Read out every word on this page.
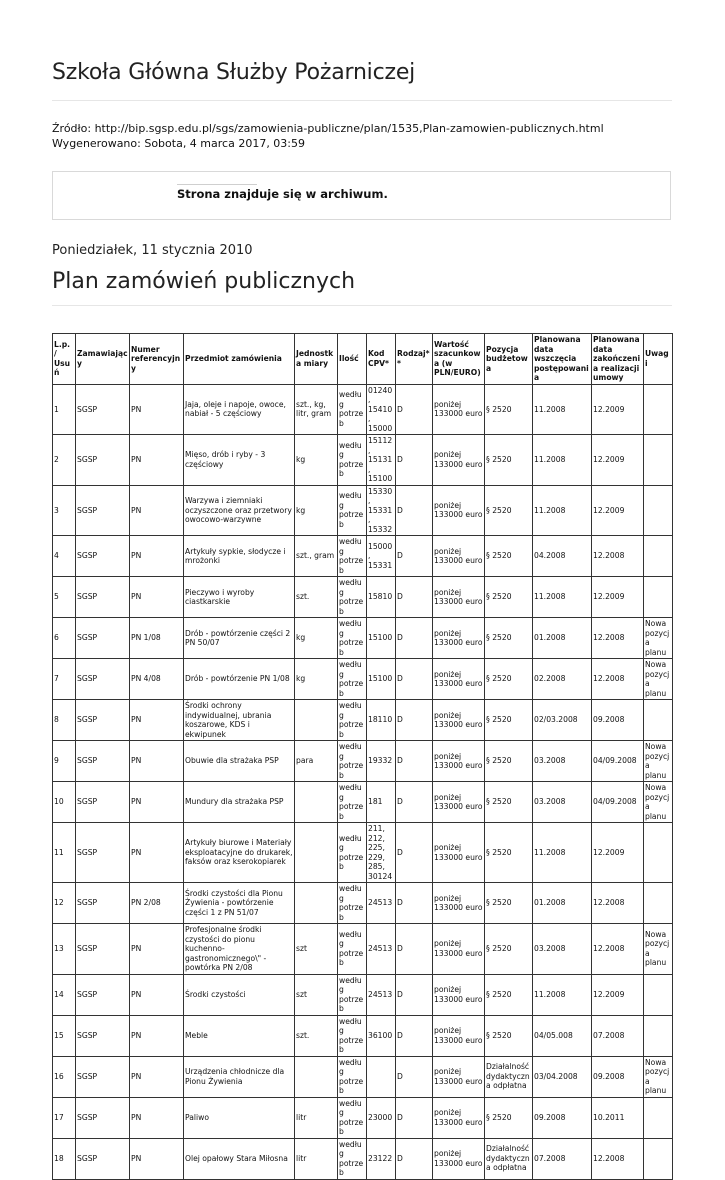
Szkoła Główna Służby Pożarniczej
Źródło: http://bip.sgsp.edu.pl/sgs/zamowienia-publiczne/plan/1535,Plan-zamowien-publicznych.html
Wygenerowano: Sobota, 4 marca 2017, 03:59
Strona znajduje się w archiwum.
Poniedziałek, 11 stycznia 2010
Plan zamówień publicznych
L.p. / Usuń	Zamawiający	Numer referencyjny	Przedmiot zamówienia	Jednostka miary	Ilość	Kod CPV*	Rodzaj**	Wartość szacunkowa (w PLN/EURO)	Pozycja budżetowa	Planowana data wszczęcia postępowania	Planowana data zakończenia realizacji umowy	Uwagi
1	SGSP	PN	Jaja, oleje i napoje, owoce, nabiał - 5 częściowy	szt., kg, litr, gram	według potrzeb	01240, 15410, 15000	D	poniżej 133000 euro	§ 2520	11.2008	12.2009	
2	SGSP	PN	Mięso, drób i ryby - 3 częściowy	kg	według potrzeb	15112, 15131, 15100	D	poniżej 133000 euro	§ 2520	11.2008	12.2009	
3	SGSP	PN	Warzywa i ziemniaki oczyszczone oraz przetwory owocowo-warzywne	kg	według potrzeb	15330, 15331, 15332	D	poniżej 133000 euro	§ 2520	11.2008	12.2009	
4	SGSP	PN	Artykuły sypkie, słodycze i mrożonki	szt., gram	według potrzeb	15000, 15331	D	poniżej 133000 euro	§ 2520	04.2008	12.2008	
5	SGSP	PN	Pieczywo i wyroby ciastkarskie	szt.	według potrzeb	15810	D	poniżej 133000 euro	§ 2520	11.2008	12.2009	
6	SGSP	PN 1/08	Drób - powtórzenie części 2 PN 50/07	kg	według potrzeb	15100	D	poniżej 133000 euro	§ 2520	01.2008	12.2008	Nowa pozycja planu
7	SGSP	PN 4/08	Drób - powtórzenie PN 1/08	kg	według potrzeb	15100	D	poniżej 133000 euro	§ 2520	02.2008	12.2008	Nowa pozycja planu
8	SGSP	PN	Środki ochrony indywidualnej, ubrania koszarowe, KDS i ekwipunek		według potrzeb	18110	D	poniżej 133000 euro	§ 2520	02/03.2008	09.2008	
9	SGSP	PN	Obuwie dla strażaka PSP	para	według potrzeb	19332	D	poniżej 133000 euro	§ 2520	03.2008	04/09.2008	Nowa pozycja planu
10	SGSP	PN	Mundury dla strażaka PSP		według potrzeb	181	D	poniżej 133000 euro	§ 2520	03.2008	04/09.2008	Nowa pozycja planu
11	SGSP	PN	Artykuły biurowe i Materiały eksploatacyjne do drukarek, faksów oraz kserokopiarek		według potrzeb	211, 212, 225, 229, 285, 30124	D	poniżej 133000 euro	§ 2520	11.2008	12.2009	
12	SGSP	PN 2/08	Środki czystości dla Pionu Żywienia - powtórzenie części 1 z PN 51/07		według potrzeb	24513	D	poniżej 133000 euro	§ 2520	01.2008	12.2008	
13	SGSP	PN	Profesjonalne środki czystości do pionu kuchenno-gastronomicznego\" - powtórka PN 2/08	szt	według potrzeb	24513	D	poniżej 133000 euro	§ 2520	03.2008	12.2008	Nowa pozycja planu
14	SGSP	PN	Środki czystości	szt	według potrzeb	24513	D	poniżej 133000 euro	§ 2520	11.2008	12.2009	
15	SGSP	PN	Meble	szt.	według potrzeb	36100	D	poniżej 133000 euro	§ 2520	04/05.008	07.2008	
16	SGSP	PN	Urządzenia chłodnicze dla Pionu Żywienia		według potrzeb		D	poniżej 133000 euro	Działalność dydaktyczna odpłatna	03/04.2008	09.2008	Nowa pozycja planu
17	SGSP	PN	Paliwo	litr	według potrzeb	23000	D	poniżej 133000 euro	§ 2520	09.2008	10.2011	
18	SGSP	PN	Olej opałowy Stara Miłosna	litr	według potrzeb	23122	D	poniżej 133000 euro	Działalność dydaktyczna odpłatna	07.2008	12.2008	
